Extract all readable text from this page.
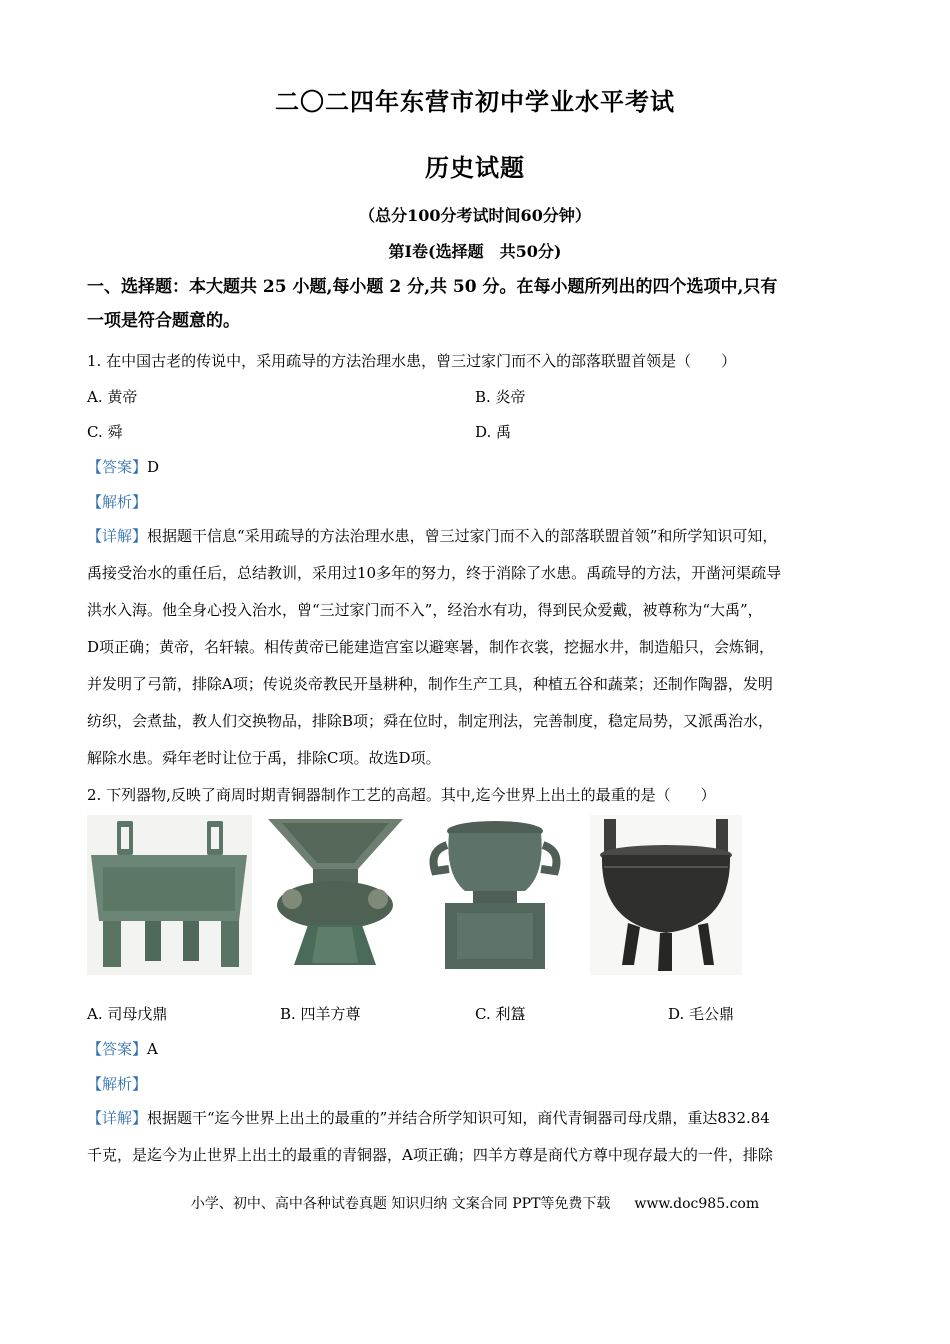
二〇二四年东营市初中学业水平考试
历史试题
（总分100分考试时间60分钟）
第Ⅰ卷(选择题　共50分)
一、选择题：本大题共 25 小题,每小题 2 分,共 50 分。在每小题所列出的四个选项中,只有
一项是符合题意的。
1. 在中国古老的传说中，采用疏导的方法治理水患，曾三过家门而不入的部落联盟首领是（　　）
A. 黄帝	B. 炎帝
C. 舜	D. 禹
【答案】D
【解析】
【详解】根据题干信息“采用疏导的方法治理水患，曾三过家门而不入的部落联盟首领”和所学知识可知，
禹接受治水的重任后，总结教训，采用过10多年的努力，终于消除了水患。禹疏导的方法，开凿河渠疏导
洪水入海。他全身心投入治水，曾“三过家门而不入”，经治水有功，得到民众爱戴，被尊称为“大禹”，
D项正确；黄帝，名轩辕。相传黄帝已能建造宫室以避寒暑，制作衣裳，挖掘水井，制造船只，会炼铜，
并发明了弓箭，排除A项；传说炎帝教民开垦耕种，制作生产工具，种植五谷和蔬菜；还制作陶器，发明
纺织，会煮盐，教人们交换物品，排除B项；舜在位时，制定刑法，完善制度，稳定局势，又派禹治水，
解除水患。舜年老时让位于禹，排除C项。故选D项。
2. 下列器物,反映了商周时期青铜器制作工艺的高超。其中,迄今世界上出土的最重的是（　　）
A. 司母戊鼎	B. 四羊方尊	C. 利簋	D. 毛公鼎
【答案】A
【解析】
【详解】根据题干“迄今世界上出土的最重的”并结合所学知识可知，商代青铜器司母戊鼎，重达832.84
千克，是迄今为止世界上出土的最重的青铜器，A项正确；四羊方尊是商代方尊中现存最大的一件，排除
小学、初中、高中各种试卷真题 知识归纳 文案合同 PPT等免费下载 www.doc985.com
